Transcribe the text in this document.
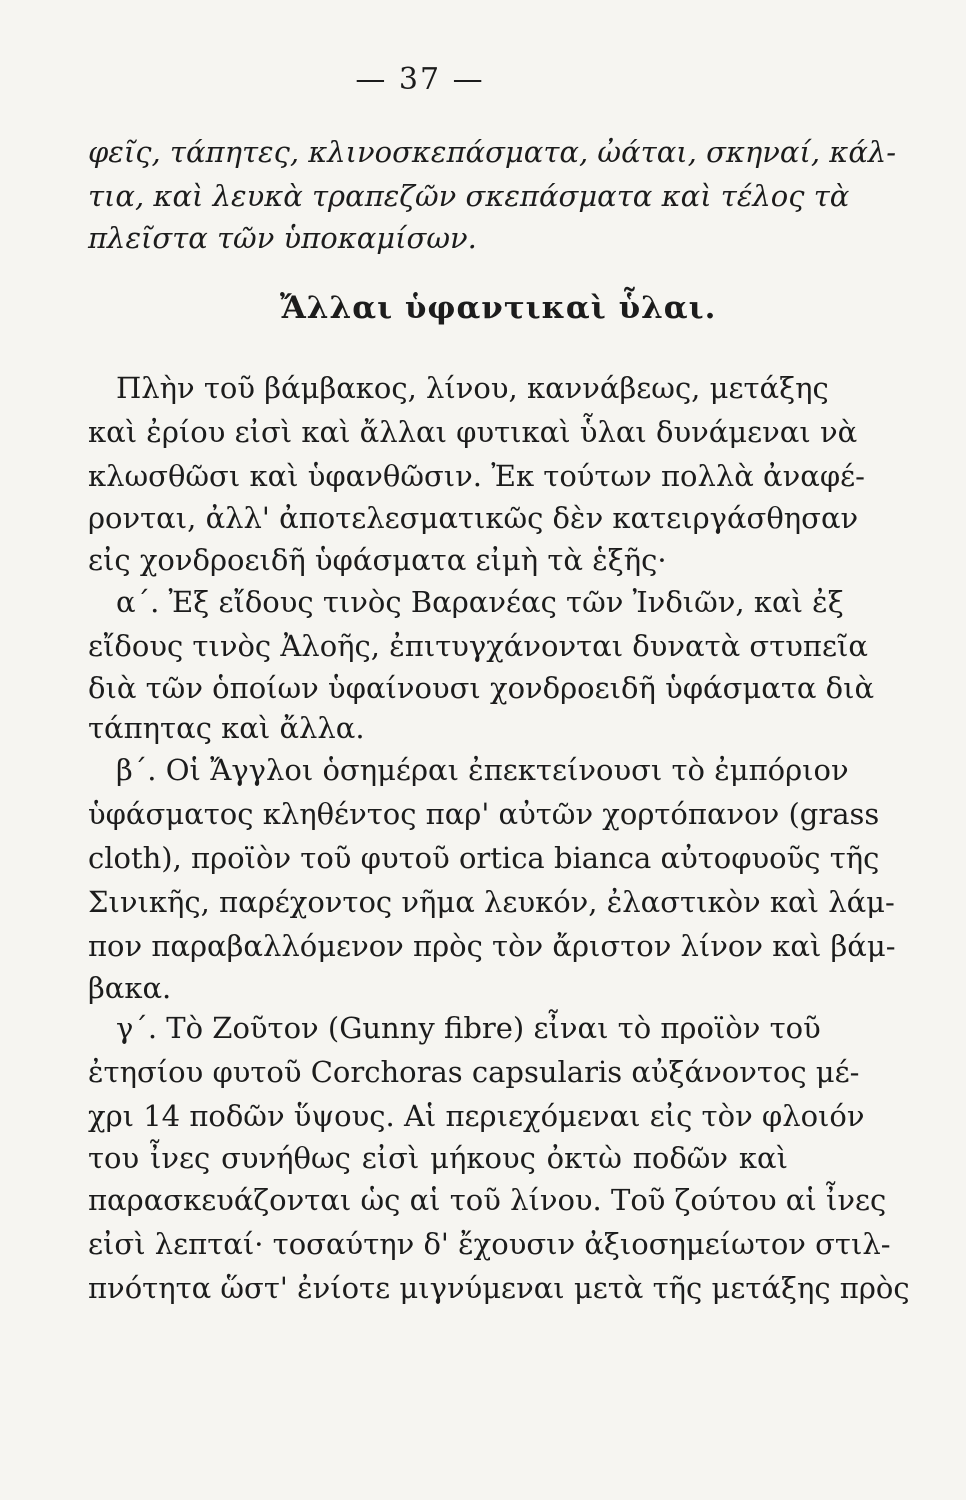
— 37 —
φεῖς, τάπητες, κλινοσκεπάσματα, ὠάται, σκηναί, κάλ-
τια, καὶ λευκὰ τραπεζῶν σκεπάσματα καὶ τέλος τὰ
πλεῖστα τῶν ὑποκαμίσων.
Ἄλλαι ὑφαντικαὶ ὗλαι.
Πλὴν τοῦ βάμβακος, λίνου, καννάβεως, μετάξης
καὶ ἐρίου εἰσὶ καὶ ἄλλαι φυτικαὶ ὗλαι δυνάμεναι νὰ
κλωσθῶσι καὶ ὑφανθῶσιν. Ἐκ τούτων πολλὰ ἀναφέ-
ρονται, ἀλλ' ἀποτελεσματικῶς δὲν κατειργάσθησαν
εἰς χονδροειδῆ ὑφάσματα εἰμὴ τὰ ἑξῆς·
α΄. Ἐξ εἴδους τινὸς Βαρανέας τῶν Ἰνδιῶν, καὶ ἐξ
εἴδους τινὸς Ἀλοῆς, ἐπιτυγχάνονται δυνατὰ στυπεῖα
διὰ τῶν ὁποίων ὑφαίνουσι χονδροειδῆ ὑφάσματα διὰ
τάπητας καὶ ἄλλα.
β΄. Οἱ Ἄγγλοι ὁσημέραι ἐπεκτείνουσι τὸ ἐμπόριον
ὑφάσματος κληθέντος παρ' αὐτῶν χορτόπανον (grass
cloth), προϊὸν τοῦ φυτοῦ ortica bianca αὐτοφυοῦς τῆς
Σινικῆς, παρέχοντος νῆμα λευκόν, ἐλαστικὸν καὶ λάμ-
πον παραβαλλόμενον πρὸς τὸν ἄριστον λίνον καὶ βάμ-
βακα.
γ΄. Τὸ Ζοῦτον (Gunny fibre) εἶναι τὸ προϊὸν τοῦ
ἐτησίου φυτοῦ Corchoras capsularis αὐξάνοντος μέ-
χρι 14 ποδῶν ὕψους. Αἱ περιεχόμεναι εἰς τὸν φλοιόν
του ἶνες συνήθως εἰσὶ μήκους ὀκτὼ ποδῶν καὶ
παρασκευάζονται ὡς αἱ τοῦ λίνου. Τοῦ ζούτου αἱ ἶνες
εἰσὶ λεπταί· τοσαύτην δ' ἔχουσιν ἀξιοσημείωτον στιλ-
πνότητα ὥστ' ἐνίοτε μιγνύμεναι μετὰ τῆς μετάξης πρὸς
